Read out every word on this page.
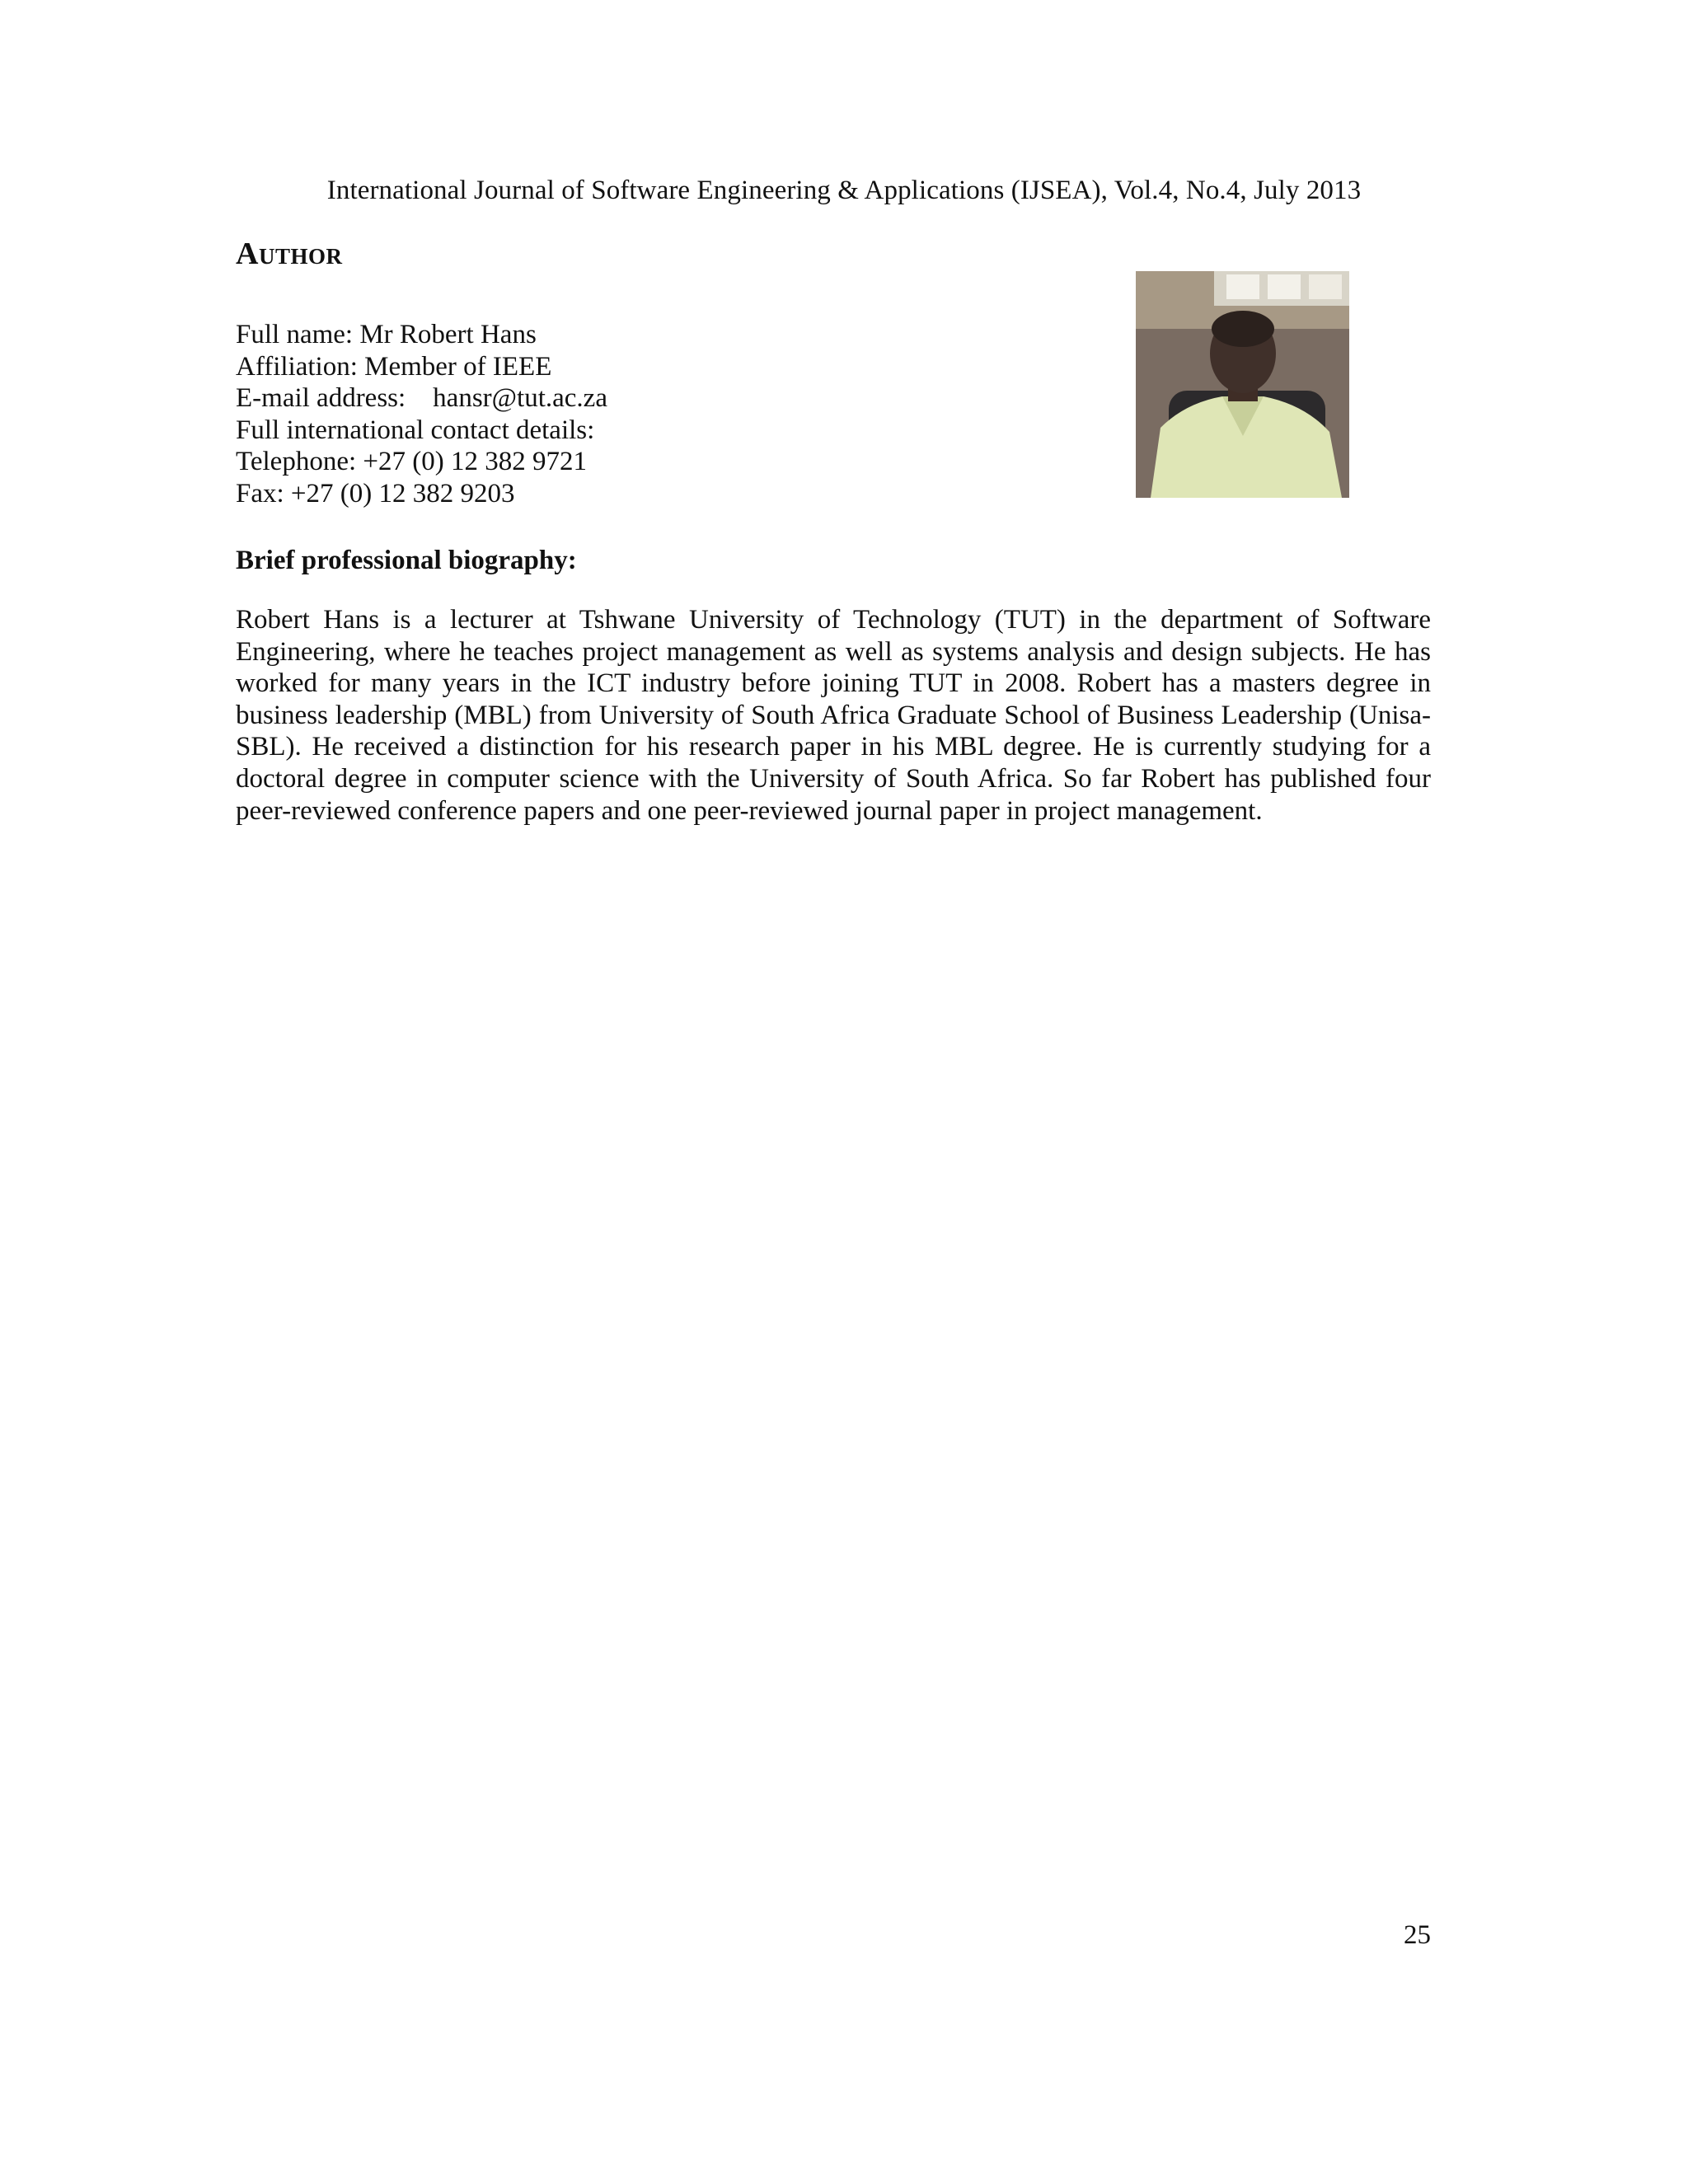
International Journal of Software Engineering & Applications (IJSEA), Vol.4, No.4, July 2013
Author
Full name: Mr Robert Hans
Affiliation: Member of IEEE
E-mail address:    hansr@tut.ac.za
Full international contact details:
Telephone: +27 (0) 12 382 9721
Fax: +27 (0) 12 382 9203
Brief professional biography:
Robert Hans is a lecturer at Tshwane University of Technology (TUT) in the department of Software Engineering, where he teaches project management as well as systems analysis and design subjects. He has worked for many years in the ICT industry before joining TUT in 2008. Robert has a masters degree in business leadership (MBL) from University of South Africa Graduate School of Business Leadership (Unisa-SBL). He received a distinction for his research paper in his MBL degree. He is currently studying for a doctoral degree in computer science with the University of South Africa. So far Robert has published four peer-reviewed conference papers and one peer-reviewed journal paper in project management.
25
